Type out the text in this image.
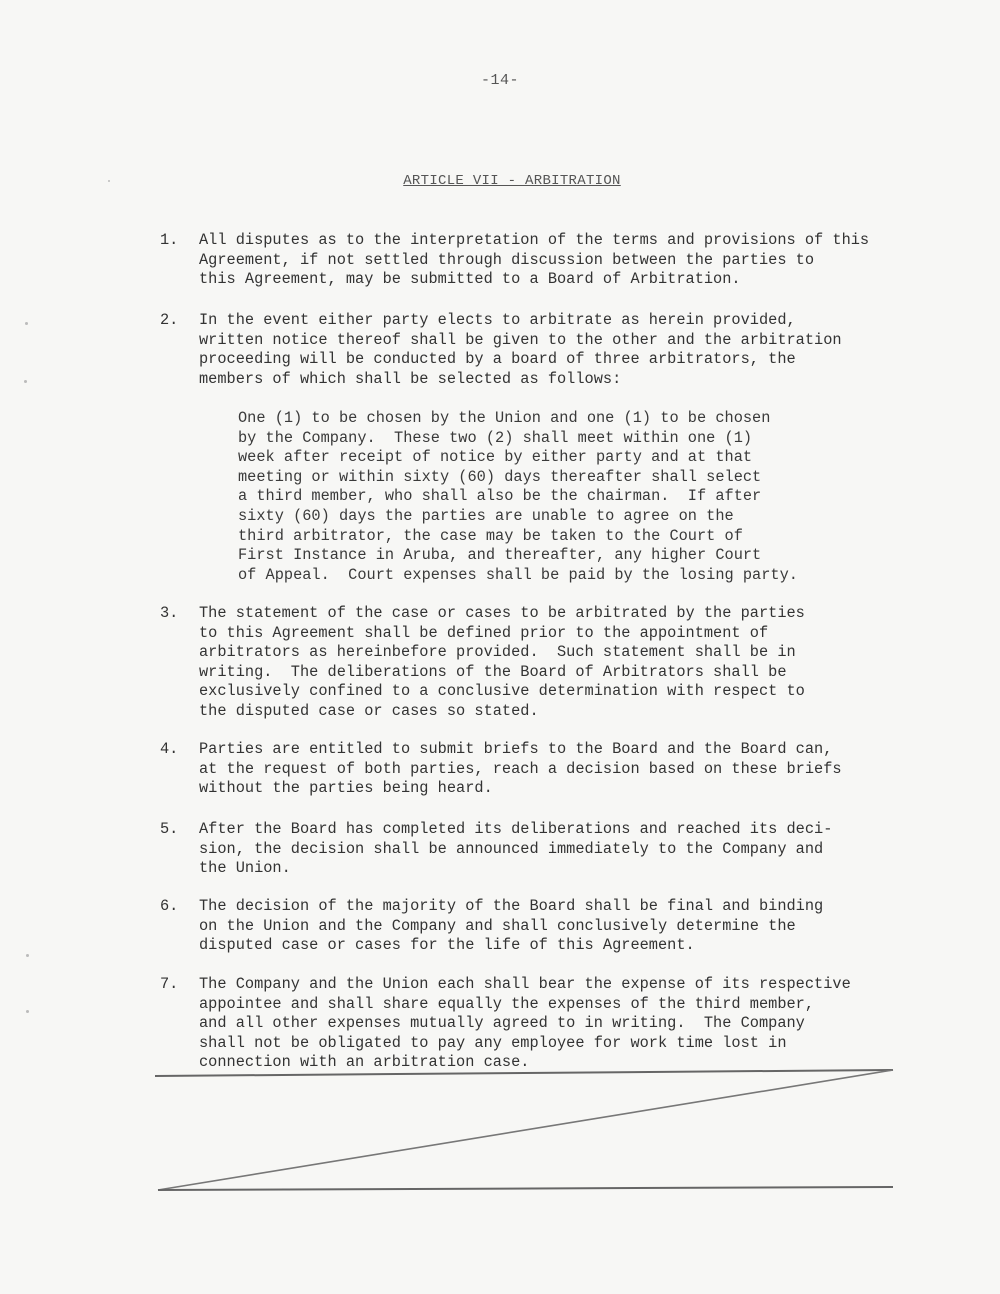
-14-
ARTICLE VII - ARBITRATION

1.

	All disputes as to the interpretation of the terms and provisions of this
Agreement, if not settled through discussion between the parties to
this Agreement, may be submitted to a Board of Arbitration.

2.

	In the event either party elects to arbitrate as herein provided,
written notice thereof shall be given to the other and the arbitration
proceeding will be conducted by a board of three arbitrators, the
members of which shall be selected as follows:

One (1) to be chosen by the Union and one (1) to be chosen
by the Company.  These two (2) shall meet within one (1)
week after receipt of notice by either party and at that
meeting or within sixty (60) days thereafter shall select
a third member, who shall also be the chairman.  If after
sixty (60) days the parties are unable to agree on the
third arbitrator, the case may be taken to the Court of
First Instance in Aruba, and thereafter, any higher Court
of Appeal.  Court expenses shall be paid by the losing party.

3.

	The statement of the case or cases to be arbitrated by the parties
to this Agreement shall be defined prior to the appointment of
arbitrators as hereinbefore provided.  Such statement shall be in
writing.  The deliberations of the Board of Arbitrators shall be
exclusively confined to a conclusive determination with respect to
the disputed case or cases so stated.

4.

	Parties are entitled to submit briefs to the Board and the Board can,
at the request of both parties, reach a decision based on these briefs
without the parties being heard.

5.

	After the Board has completed its deliberations and reached its deci-
sion, the decision shall be announced immediately to the Company and
the Union.

6.

	The decision of the majority of the Board shall be final and binding
on the Union and the Company and shall conclusively determine the
disputed case or cases for the life of this Agreement.

7.

	The Company and the Union each shall bear the expense of its respective
appointee and shall share equally the expenses of the third member,
and all other expenses mutually agreed to in writing.  The Company
shall not be obligated to pay any employee for work time lost in
connection with an arbitration case.
